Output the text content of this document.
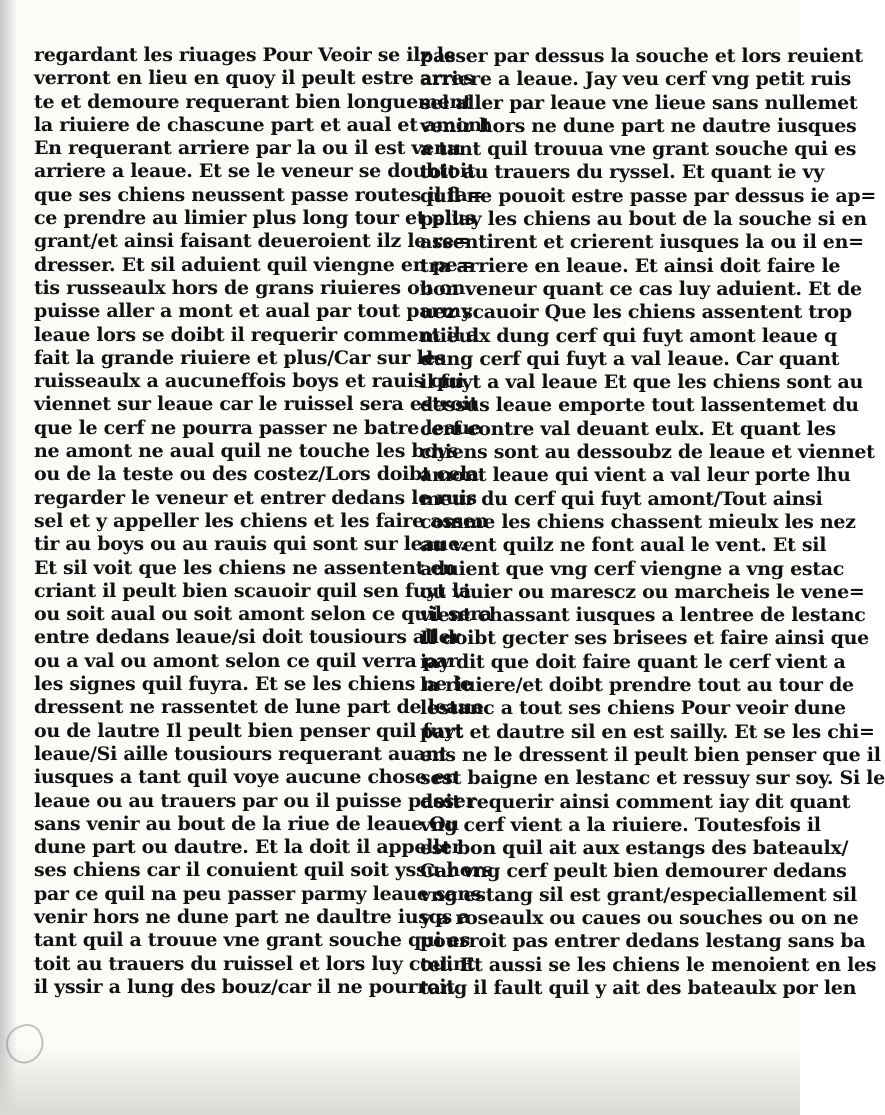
regardant les riuages Pour Veoir se ilz le
verront en lieu en quoy il peult estre arres
te et demoure requerant bien longuement
la riuiere de chascune part et aual et amont
En requerant arriere par la ou il est venu
arriere a leaue. Et se le veneur se doubtoit
que ses chiens neussent passe routes il fa=
ce prendre au limier plus long tour et plus
grant/et ainsi faisant deueroient ilz le re=
dresser. Et sil aduient quil viengne en pe=
tis russeaulx hors de grans riuieres ou on
puisse aller a mont et aual par tout parmy
leaue lors se doibt il requerir comment il a
fait la grande riuiere et plus/Car sur les
ruisseaulx a aucuneffois boys et rauis qui
viennet sur leaue car le ruissel sera estroit
que le cerf ne pourra passer ne batre leaue
ne amont ne aual quil ne touche les boys
ou de la teste ou des costez/Lors doibt cela
regarder le veneur et entrer dedans le ruis
sel et y appeller les chiens et les faire assen
tir au boys ou au rauis qui sont sur leaue.
Et sil voit que les chiens ne assentent en
criant il peult bien scauoir quil sen fuyt la
ou soit aual ou soit amont selon ce quil sera
entre dedans leaue/si doit tousiours aller
ou a val ou amont selon ce quil verra par
les signes quil fuyra. Et se les chiens ne le
dressent ne rassentet de lune part de leaue
ou de lautre Il peult bien penser quil fuyt
leaue/Si aille tousiours requerant auant
iusques a tant quil voye aucune chose en
leaue ou au trauers par ou il puisse passer
sans venir au bout de la riue de leaue Ou
dune part ou dautre. Et la doit il appeller
ses chiens car il conuient quil soit yssu hors
par ce quil na peu passer parmy leaue sans
venir hors ne dune part ne daultre iusqs a
tant quil a trouue vne grant souche qui es
toit au trauers du ruissel et lors luy couint
il yssir a lung des bouz/car il ne pourroit
passer par dessus la souche et lors reuient
arriere a leaue. Jay veu cerf vng petit ruis
sel aller par leaue vne lieue sans nullemet
venir hors ne dune part ne dautre iusques
a tant quil trouua vne grant souche qui es
toit au trauers du ryssel. Et quant ie vy
quil ne pouoit estre passe par dessus ie ap=
pellay les chiens au bout de la souche si en
assentirent et crierent iusques la ou il en=
tra arriere en leaue. Et ainsi doit faire le
bon veneur quant ce cas luy aduient. Et de
uez scauoir Que les chiens assentent trop
mieulx dung cerf qui fuyt amont leaue q
dung cerf qui fuyt a val leaue. Car quant
il fuyt a val leaue Et que les chiens sont au
dessus leaue emporte tout lassentemet du
cerf contre val deuant eulx. Et quant les
chiens sont au dessoubz de leaue et viennet
amont leaue qui vient a val leur porte lhu
meur du cerf qui fuyt amont/Tout ainsi
comme les chiens chassent mieulx les nez
au vent quilz ne font aual le vent. Et sil
aduient que vng cerf viengne a vng estac
ou viuier ou marescz ou marcheis le vene=
vient chassant iusques a lentree de lestanc
Il doibt gecter ses brisees et faire ainsi que
iay dit que doit faire quant le cerf vient a
la riuiere/et doibt prendre tout au tour de
lestanc a tout ses chiens Pour veoir dune
part et dautre sil en est sailly. Et se les chi=
ens ne le dressent il peult bien penser que il
sest baigne en lestanc et ressuy sur soy. Si le
doit requerir ainsi comment iay dit quant
vng cerf vient a la riuiere. Toutesfois il
est bon quil ait aux estangs des bateaulx/
Car vng cerf peult bien demourer dedans
vng estang sil est grant/especiallement sil
y a roseaulx ou caues ou souches ou on ne
pourroit pas entrer dedans lestang sans ba
tel. Et aussi se les chiens le menoient en les
tang il fault quil y ait des bateaulx por len
